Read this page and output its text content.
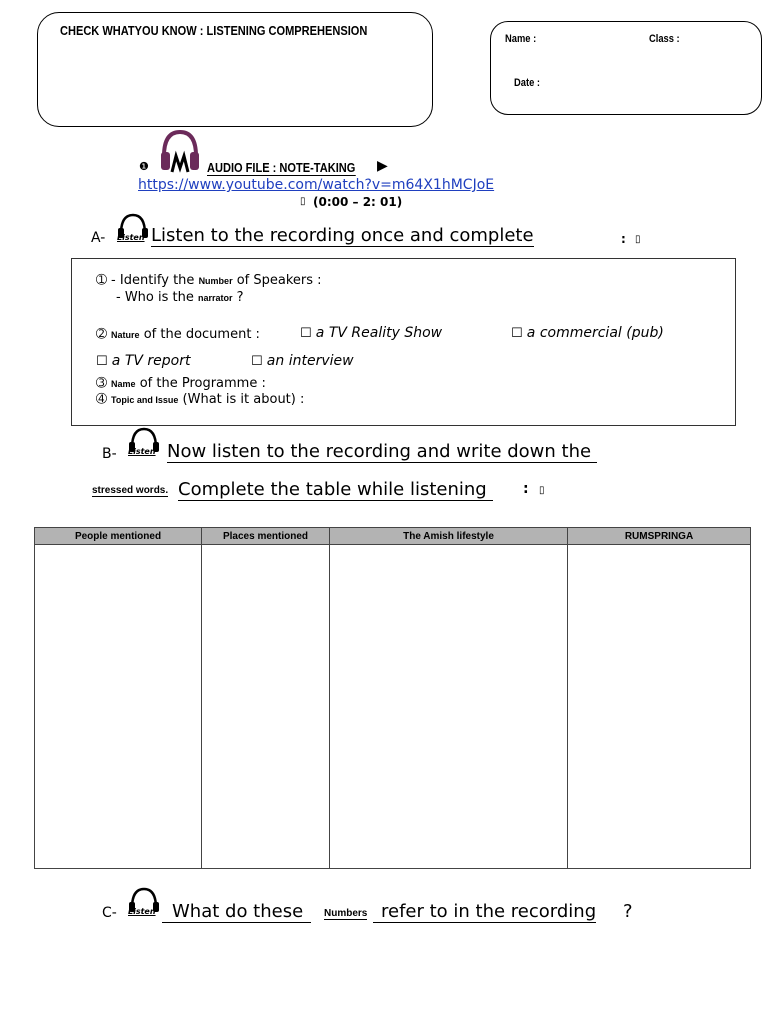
CHECK WHATYOU KNOW : LISTENING COMPREHENSION
Name :	Class :
Date :
❶	AUDIO FILE : NOTE-TAKING ▶
https://www.youtube.com/watch?v=m64X1hMCJoE
▯ (0:00 – 2: 01)
A- Listen Listen to the recording once and complete	: ▯
➀ - Identify the Number of Speakers :
- Who is the narrator ?
➁ Nature of the document :	☐ a TV Reality Show	☐ a commercial (pub)
☐ a TV report	☐ an interview
➂ Name of the Programme :
➃ Topic and Issue (What is it about) :
B- Listen Now listen to the recording and write down the
stressed words. Complete the table while listening	: ▯
People mentioned	Places mentioned	The Amish lifestyle	RUMSPRINGA

C- Listen What do these	Numbers refer to in the recording ?
